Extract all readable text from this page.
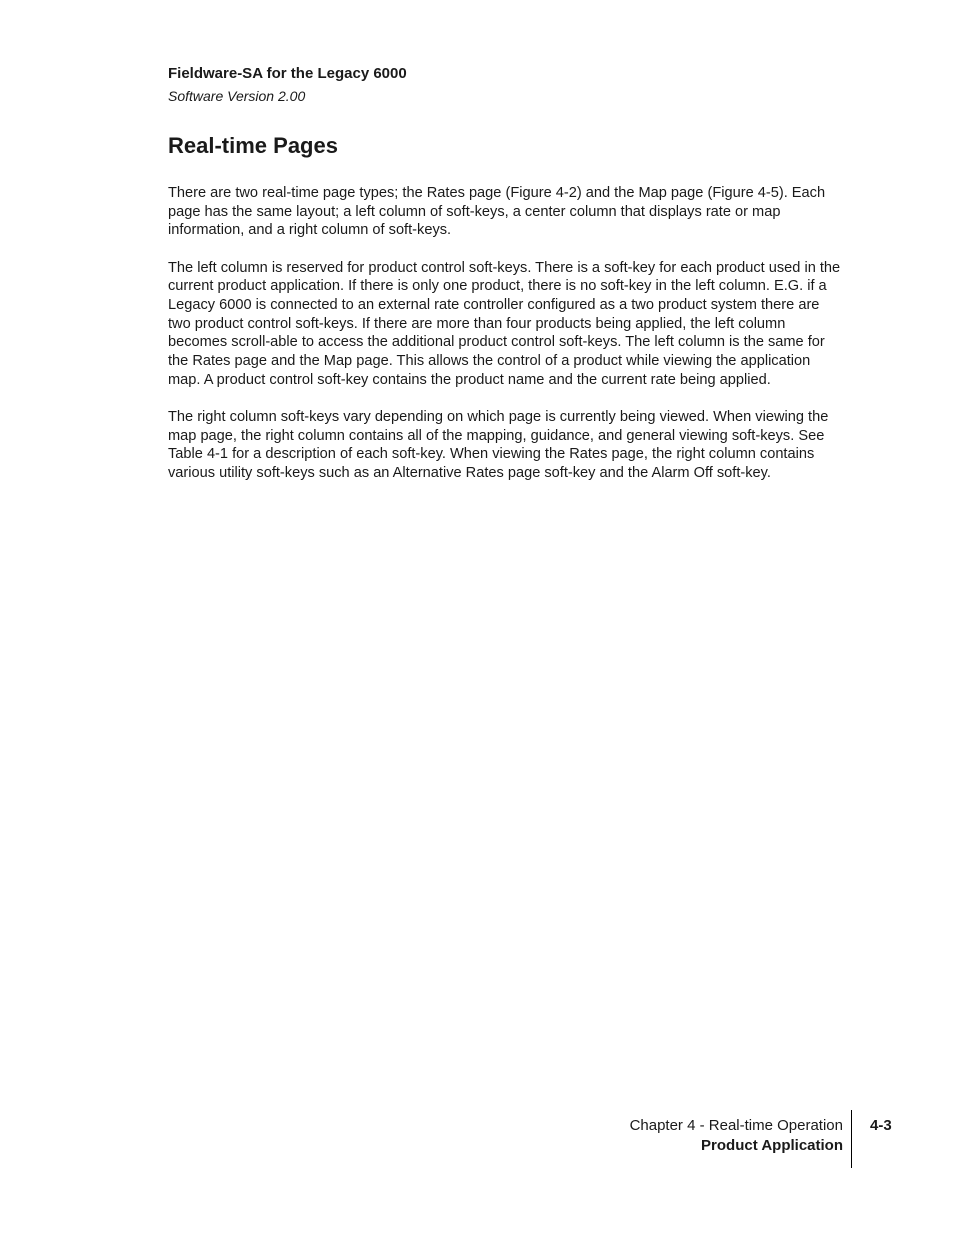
Fieldware-SA for the Legacy 6000

Software Version 2.00

Real-time Pages

There are two real-time page types; the Rates page (Figure 4-2) and the Map page (Figure 4-5). Each page has the same layout; a left column of soft-keys, a center column that displays rate or map information, and a right column of soft-keys.

The left column is reserved for product control soft-keys. There is a soft-key for each product used in the current product application. If there is only one product, there is no soft-key in the left column. E.G. if a Legacy 6000 is connected to an external rate controller configured as a two product system there are two product control soft-keys. If there are more than four products being applied, the left column becomes scroll-able to access the additional product control soft-keys. The left column is the same for the Rates page and the Map page. This allows the control of a product while viewing the application map. A product control soft-key contains the product name and the current rate being applied.

The right column soft-keys vary depending on which page is currently being viewed. When viewing the map page, the right column contains all of the mapping, guidance, and general viewing soft-keys. See Table 4-1 for a description of each soft-key. When viewing the Rates page, the right column contains various utility soft-keys such as an Alternative Rates page soft-key and the Alarm Off soft-key.

Chapter 4 - Real-time Operation

Product Application

4-3
